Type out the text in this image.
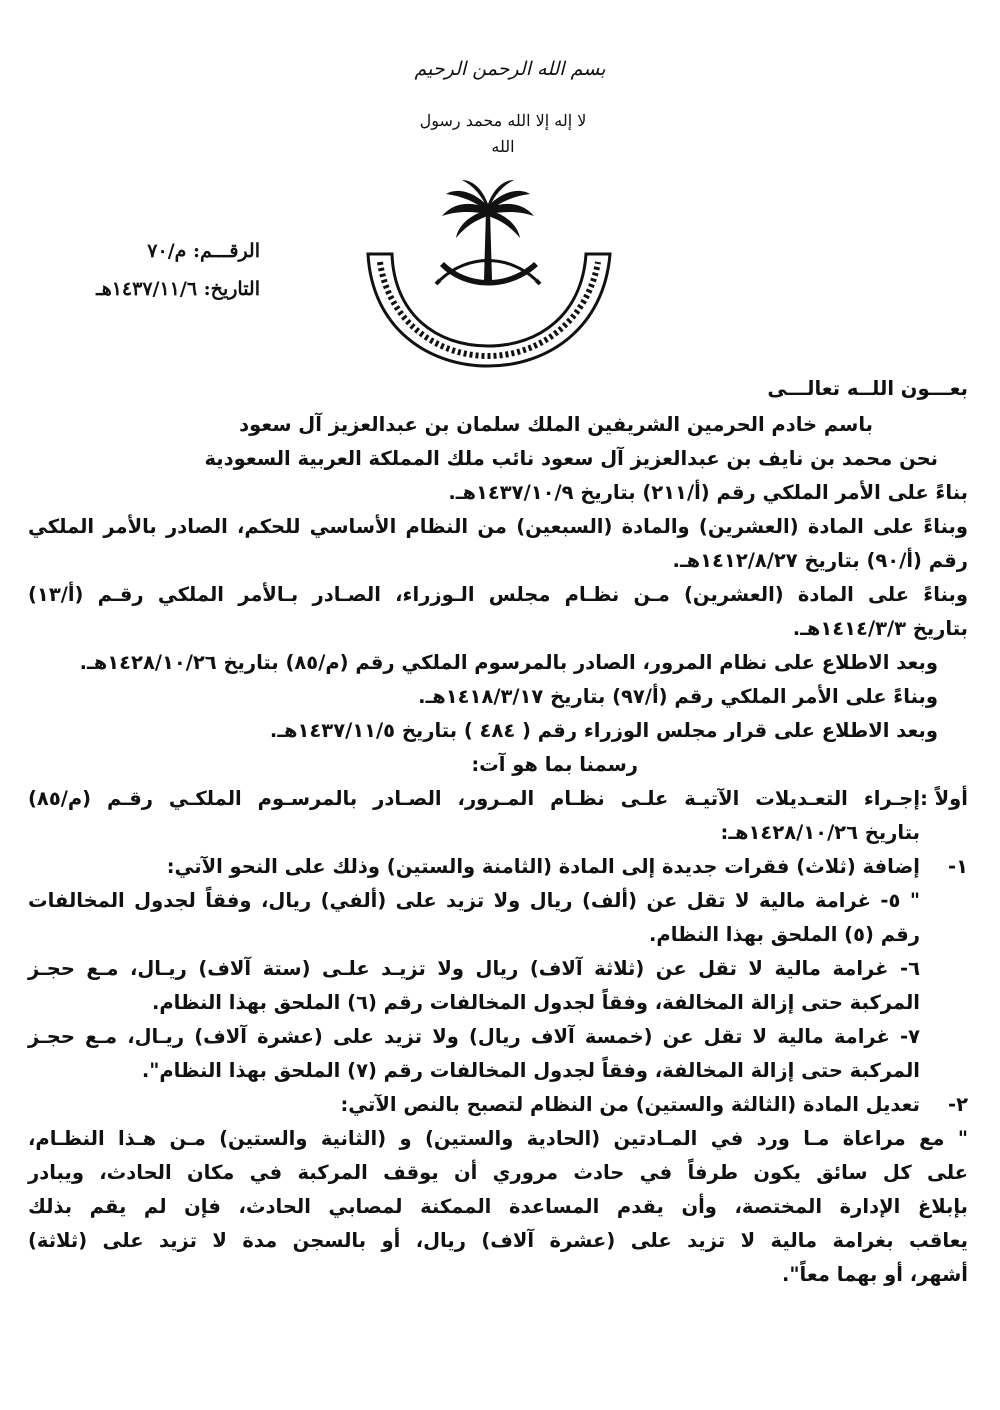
بسم الله الرحمن الرحيم
لا إله إلا الله محمد رسول الله
الرقـــم: م/٧٠
التاريخ: ١٤٣٧/١١/٦هـ
بعـــون اللــه تعالـــى
باسم خادم الحرمين الشريفين الملك سلمان بن عبدالعزيز آل سعود
نحن محمد بن نايف بن عبدالعزيز آل سعود نائب ملك المملكة العربية السعودية
بناءً على الأمر الملكي رقم (أ/٢١١) بتاريخ ١٤٣٧/١٠/٩هـ.
وبناءً على المادة (العشرين) والمادة (السبعين) من النظام الأساسي للحكم، الصادر بالأمر الملكي
رقم (أ/٩٠) بتاريخ ١٤١٢/٨/٢٧هـ.
وبناءً على المادة (العشرين) مـن نظـام مجلس الـوزراء، الصـادر بـالأمر الملكي رقـم (أ/١٣)
بتاريخ ١٤١٤/٣/٣هـ.
وبعد الاطلاع على نظام المرور، الصادر بالمرسوم الملكي رقم (م/٨٥) بتاريخ ١٤٢٨/١٠/٢٦هـ.
وبناءً على الأمر الملكي رقم (أ/٩٧) بتاريخ ١٤١٨/٣/١٧هـ.
وبعد الاطلاع على قرار مجلس الوزراء رقم ( ٤٨٤ ) بتاريخ ١٤٣٧/١١/٥هـ.
رسمنا بما هو آت:
أولاً :
إجـراء التعـديلات الآتيـة علـى نظـام المـرور، الصـادر بالمرسـوم الملكـي رقـم (م/٨٥)
بتاريخ ١٤٢٨/١٠/٢٦هـ:
١-
إضافة (ثلاث) فقرات جديدة إلى المادة (الثامنة والستين) وذلك على النحو الآتي:
" ٥- غرامة مالية لا تقل عن (ألف) ريال ولا تزيد على (ألفي) ريال، وفقاً لجدول المخالفات
رقم (٥) الملحق بهذا النظام.
٦- غرامة مالية لا تقل عن (ثلاثة آلاف) ريال ولا تزيـد علـى (ستة آلاف) ريـال، مـع حجـز
المركبة حتى إزالة المخالفة، وفقاً لجدول المخالفات رقم (٦) الملحق بهذا النظام.
٧- غرامة مالية لا تقل عن (خمسة آلاف ريال) ولا تزيد على (عشرة آلاف) ريـال، مـع حجـز
المركبة حتى إزالة المخالفة، وفقاً لجدول المخالفات رقم (٧) الملحق بهذا النظام".
٢-
تعديل المادة (الثالثة والستين) من النظام لتصبح بالنص الآتي:
" مع مراعاة مـا ورد في المـادتين (الحادية والستين) و (الثانية والستين) مـن هـذا النظـام،
على كل سائق يكون طرفاً في حادث مروري أن يوقف المركبة في مكان الحادث، ويبادر
بإبلاغ الإدارة المختصة، وأن يقدم المساعدة الممكنة لمصابي الحادث، فإن لم يقم بذلك
يعاقب بغرامة مالية لا تزيد على (عشرة آلاف) ريال، أو بالسجن مدة لا تزيد على (ثلاثة)
أشهر، أو بهما معاً".
